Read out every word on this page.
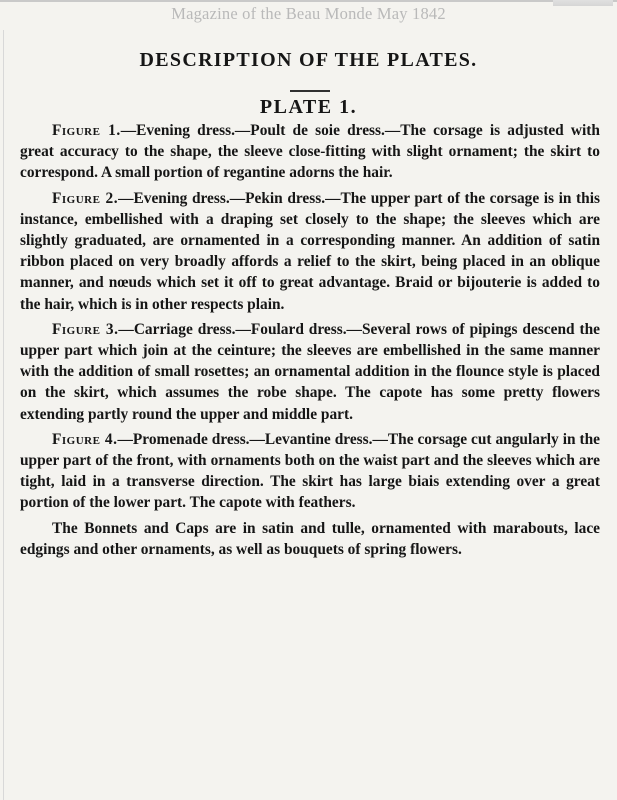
Magazine of the Beau Monde May 1842
DESCRIPTION OF THE PLATES.
PLATE 1.

Figure 1.—Evening dress.—Poult de soie dress.—The corsage is adjusted with great accuracy to the shape, the sleeve close-fitting with slight ornament; the skirt to correspond. A small portion of regantine adorns the hair.

Figure 2.—Evening dress.—Pekin dress.—The upper part of the corsage is in this instance, embellished with a draping set closely to the shape; the sleeves which are slightly graduated, are ornamented in a corresponding manner. An addition of satin ribbon placed on very broadly affords a relief to the skirt, being placed in an oblique manner, and nœuds which set it off to great advantage. Braid or bijouterie is added to the hair, which is in other respects plain.

Figure 3.—Carriage dress.—Foulard dress.—Several rows of pipings descend the upper part which join at the ceinture; the sleeves are embellished in the same manner with the addition of small rosettes; an ornamental addition in the flounce style is placed on the skirt, which assumes the robe shape. The capote has some pretty flowers extending partly round the upper and middle part.

Figure 4.—Promenade dress.—Levantine dress.—The corsage cut angularly in the upper part of the front, with ornaments both on the waist part and the sleeves which are tight, laid in a transverse direction. The skirt has large biais extending over a great portion of the lower part. The capote with feathers.

The Bonnets and Caps are in satin and tulle, ornamented with marabouts, lace edgings and other ornaments, as well as bouquets of spring flowers.
